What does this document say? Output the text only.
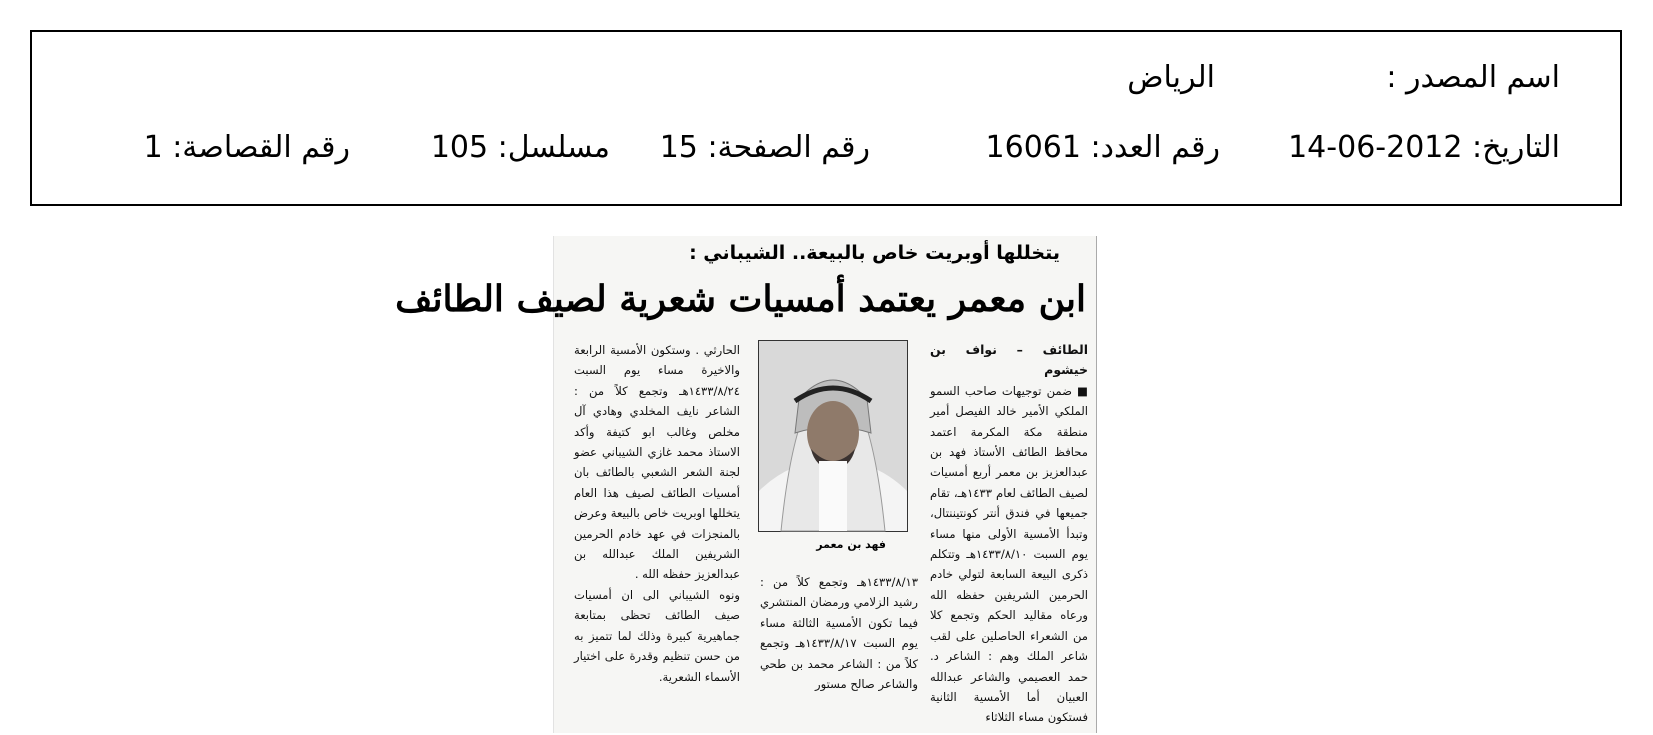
اسم المصدر :
الرياض
التاريخ: 2012-06-14
رقم العدد: 16061
رقم الصفحة: 15
مسلسل: 105
رقم القصاصة: 1
يتخللها أوبريت خاص بالبيعة.. الشيباني :
ابن معمر يعتمد أمسيات شعرية لصيف الطائف

الطائف – نواف بن خيشوم

■ ضمن توجيهات صاحب السمو الملكي الأمير خالد الفيصل أمير منطقة مكة المكرمة اعتمد محافظ الطائف الأستاذ فهد بن عبدالعزيز بن معمر أربع أمسيات لصيف الطائف لعام ١٤٣٣هـ، تقام جميعها في فندق أنتر كونتيننتال، وتبدأ الأمسية الأولى منها مساء يوم السبت ١٤٣٣/٨/١٠هـ وتتكلم ذكرى البيعة السابعة لتولي خادم الحرمين الشريفين حفظه الله ورعاه مقاليد الحكم وتجمع كلا من الشعراء الحاصلين على لقب شاعر الملك وهم : الشاعر د. حمد العصيمي والشاعر عبدالله العبيان أما الأمسية الثانية فستكون مساء الثلاثاء

فهد بن معمر

١٤٣٣/٨/١٣هـ وتجمع كلاً من : رشيد الزلامي ورمضان المنتشري فيما تكون الأمسية الثالثة مساء يوم السبت ١٤٣٣/٨/١٧هـ وتجمع كلاً من : الشاعر محمد بن طحي والشاعر صالح مستور

الحارثي . وستكون الأمسية الرابعة والاخيرة مساء يوم السبت ١٤٣٣/٨/٢٤هـ وتجمع كلاً من : الشاعر نايف المخلدي وهادي آل مخلص وغالب ابو كتيفة وأكد الاستاذ محمد غازي الشيباني عضو لجنة الشعر الشعبي بالطائف بان أمسيات الطائف لصيف هذا العام يتخللها اوبريت خاص بالبيعة وعرض بالمنجزات في عهد خادم الحرمين الشريفين الملك عبدالله بن عبدالعزيز حفظه الله .

ونوه الشيباني الى ان أمسيات صيف الطائف تحظى بمتابعة جماهيرية كبيرة وذلك لما تتميز به من حسن تنظيم وقدرة على اختيار الأسماء الشعرية.
